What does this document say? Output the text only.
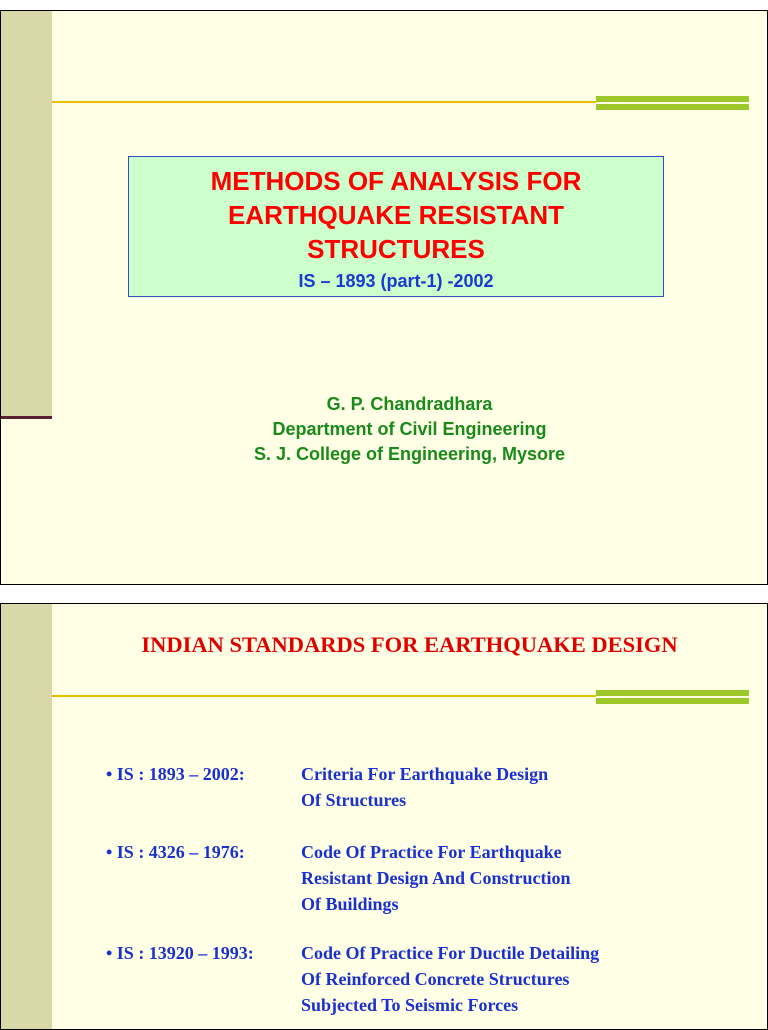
METHODS OF ANALYSIS FOR
EARTHQUAKE RESISTANT
STRUCTURES
IS – 1893 (part-1) -2002
G. P. Chandradhara
Department of Civil Engineering
S. J. College of Engineering, Mysore
INDIAN STANDARDS FOR EARTHQUAKE DESIGN
• IS : 1893 – 2002:	Criteria For Earthquake Design
Of Structures
• IS : 4326 – 1976:	Code Of Practice For Earthquake
Resistant Design And Construction
Of Buildings
• IS : 13920 – 1993:	Code Of Practice For Ductile Detailing
Of Reinforced Concrete Structures
Subjected To Seismic Forces
